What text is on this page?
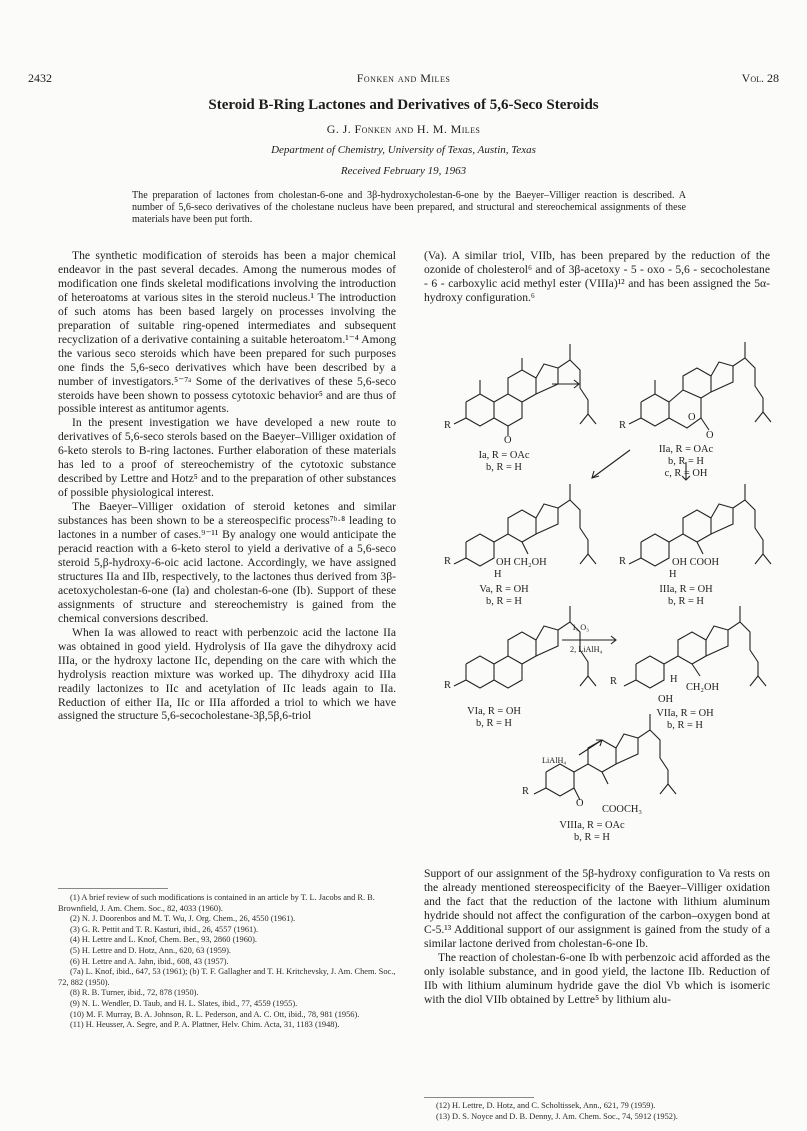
2432	Fonken and Miles	Vol. 28
Steroid B-Ring Lactones and Derivatives of 5,6-Seco Steroids
G. J. Fonken and H. M. Miles
Department of Chemistry, University of Texas, Austin, Texas
Received February 19, 1963
The preparation of lactones from cholestan-6-one and 3β-hydroxycholestan-6-one by the Baeyer–Villiger reaction is described. A number of 5,6-seco derivatives of the cholestane nucleus have been prepared, and structural and stereochemical assignments of these materials have been put forth.

The synthetic modification of steroids has been a major chemical endeavor in the past several decades. Among the numerous modes of modification one finds skeletal modifications involving the introduction of heteroatoms at various sites in the steroid nucleus.¹ The introduction of such atoms has been based largely on processes involving the preparation of suitable ring-opened intermediates and subsequent recyclization of a derivative containing a suitable heteroatom.¹⁻⁴ Among the various seco steroids which have been prepared for such purposes one finds the 5,6-seco derivatives which have been described by a number of investigators.⁵⁻⁷ᵃ Some of the derivatives of these 5,6-seco steroids have been shown to possess cytotoxic behavior⁵ and are thus of possible interest as antitumor agents.

In the present investigation we have developed a new route to derivatives of 5,6-seco sterols based on the Baeyer–Villiger oxidation of 6-keto sterols to B-ring lactones. Further elaboration of these materials has led to a proof of stereochemistry of the cytotoxic substance described by Lettre and Hotz⁵ and to the preparation of other substances of possible physiological interest.

The Baeyer–Villiger oxidation of steroid ketones and similar substances has been shown to be a stereospecific process⁷ᵇ·⁸ leading to lactones in a number of cases.⁹⁻¹¹ By analogy one would anticipate the peracid reaction with a 6-keto sterol to yield a derivative of a 5,6-seco steroid 5,β-hydroxy-6-oic acid lactone. Accordingly, we have assigned structures IIa and IIb, respectively, to the lactones thus derived from 3β-acetoxycholestan-6-one (Ia) and cholestan-6-one (Ib). Support of these assignments of structure and stereochemistry is gained from the chemical conversions described.

When Ia was allowed to react with perbenzoic acid the lactone IIa was obtained in good yield. Hydrolysis of IIa gave the dihydroxy acid IIIa, or the hydroxy lactone IIc, depending on the care with which the hydrolysis reaction mixture was worked up. The dihydroxy acid IIIa readily lactonizes to IIc and acetylation of IIc leads again to IIa. Reduction of either IIa, IIc or IIIa afforded a triol to which we have assigned the structure 5,6-secocholestane-3β,5β,6-triol

(1) A brief review of such modifications is contained in an article by T. L. Jacobs and R. B. Brownfield, J. Am. Chem. Soc., 82, 4033 (1960).
(2) N. J. Doorenbos and M. T. Wu, J. Org. Chem., 26, 4550 (1961).
(3) G. R. Pettit and T. R. Kasturi, ibid., 26, 4557 (1961).
(4) H. Lettre and L. Knof, Chem. Ber., 93, 2860 (1960).
(5) H. Lettre and D. Hotz, Ann., 620, 63 (1959).
(6) H. Lettre and A. Jahn, ibid., 608, 43 (1957).
(7a) L. Knof, ibid., 647, 53 (1961); (b) T. F. Gallagher and T. H. Kritchevsky, J. Am. Chem. Soc., 72, 882 (1950).
(8) R. B. Turner, ibid., 72, 878 (1950).
(9) N. L. Wendler, D. Taub, and H. L. Slates, ibid., 77, 4559 (1955).
(10) M. F. Murray, B. A. Johnson, R. L. Pederson, and A. C. Ott, ibid., 78, 981 (1956).
(11) H. Heusser, A. Segre, and P. A. Plattner, Helv. Chim. Acta, 31, 1183 (1948).

(Va). A similar triol, VIIb, has been prepared by the reduction of the ozonide of cholesterol⁶ and of 3β-acetoxy - 5 - oxo - 5,6 - secocholestane - 6 - carboxylic acid methyl ester (VIIIa)¹² and has been assigned the 5α-hydroxy configuration.⁶

R
O
Ia, R = OAc
b, R = H
R
O
O
IIa, R = OAc
b, R = H
c, R = OH
R	OH CH₂OH
H
Va, R = OH
b, R = H
R	OH COOH
H
IIIa, R = OH
b, R = H
R
VIa, R = OH
b, R = H
1, O₃
2, LiAlH₄
R	H
CH₂OH
OH
VIIa, R = OH
b, R = H
LiAlH₄
R
O
COOCH₃
VIIIa, R = OAc
b, R = H

Support of our assignment of the 5β-hydroxy configuration to Va rests on the already mentioned stereospecificity of the Baeyer–Villiger oxidation and the fact that the reduction of the lactone with lithium aluminum hydride should not affect the configuration of the carbon–oxygen bond at C-5.¹³ Additional support of our assignment is gained from the study of a similar lactone derived from cholestan-6-one Ib.

The reaction of cholestan-6-one Ib with perbenzoic acid afforded as the only isolable substance, and in good yield, the lactone IIb. Reduction of IIb with lithium aluminum hydride gave the diol Vb which is isomeric with the diol VIIb obtained by Lettre⁵ by lithium alu-

(12) H. Lettre, D. Hotz, and C. Scholtissek, Ann., 621, 79 (1959).
(13) D. S. Noyce and D. B. Denny, J. Am. Chem. Soc., 74, 5912 (1952).
